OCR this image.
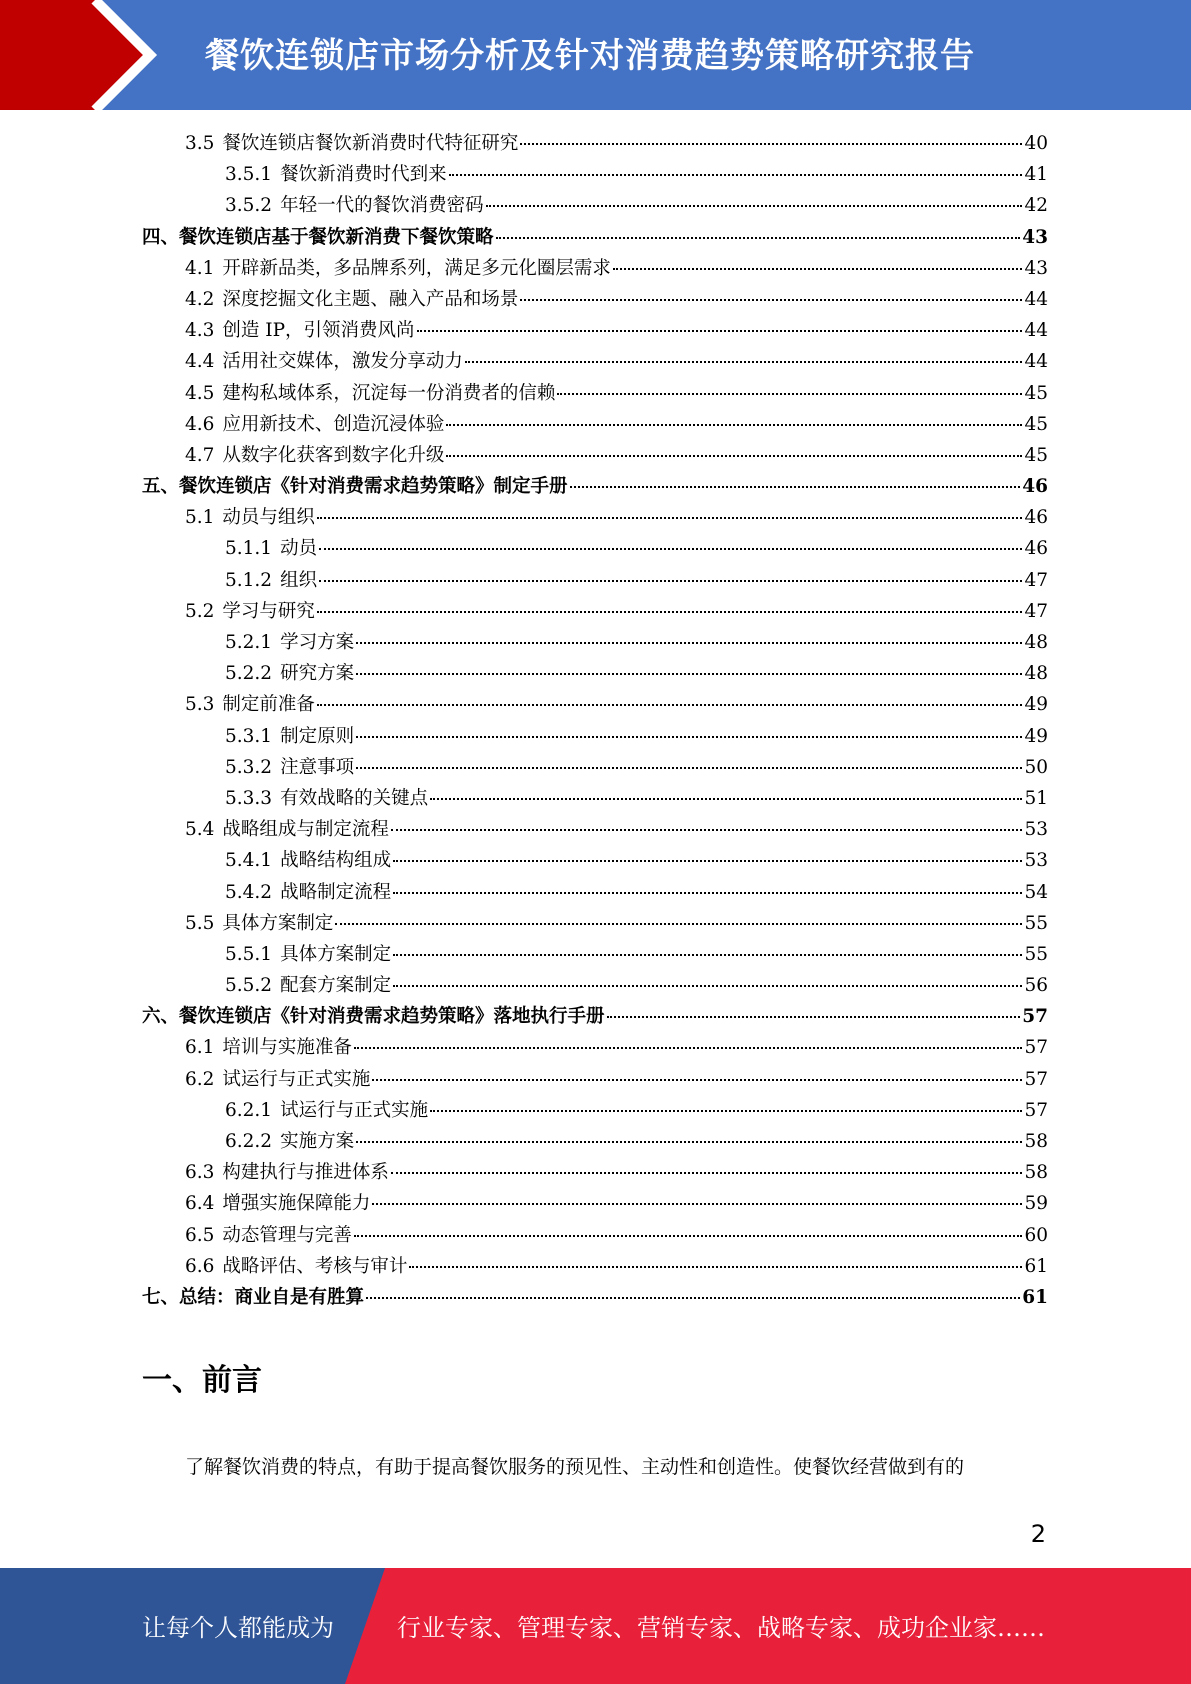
餐饮连锁店市场分析及针对消费趋势策略研究报告
3.5 餐饮连锁店餐饮新消费时代特征研究	40
3.5.1 餐饮新消费时代到来	41
3.5.2 年轻一代的餐饮消费密码	42
四、餐饮连锁店基于餐饮新消费下餐饮策略	43
4.1 开辟新品类，多品牌系列，满足多元化圈层需求	43
4.2 深度挖掘文化主题、融入产品和场景	44
4.3 创造 IP，引领消费风尚	44
4.4 活用社交媒体，激发分享动力	44
4.5 建构私域体系，沉淀每一份消费者的信赖	45
4.6 应用新技术、创造沉浸体验	45
4.7 从数字化获客到数字化升级	45
五、餐饮连锁店《针对消费需求趋势策略》制定手册	46
5.1 动员与组织	46
5.1.1 动员	46
5.1.2 组织	47
5.2 学习与研究	47
5.2.1 学习方案	48
5.2.2 研究方案	48
5.3 制定前准备	49
5.3.1 制定原则	49
5.3.2 注意事项	50
5.3.3 有效战略的关键点	51
5.4 战略组成与制定流程	53
5.4.1 战略结构组成	53
5.4.2 战略制定流程	54
5.5 具体方案制定	55
5.5.1 具体方案制定	55
5.5.2 配套方案制定	56
六、餐饮连锁店《针对消费需求趋势策略》落地执行手册	57
6.1 培训与实施准备	57
6.2 试运行与正式实施	57
6.2.1 试运行与正式实施	57
6.2.2 实施方案	58
6.3 构建执行与推进体系	58
6.4 增强实施保障能力	59
6.5 动态管理与完善	60
6.6 战略评估、考核与审计	61
七、总结：商业自是有胜算	61
一、前言
了解餐饮消费的特点，有助于提高餐饮服务的预见性、主动性和创造性。使餐饮经营做到有的
2
让每个人都能成为	行业专家、管理专家、营销专家、战略专家、成功企业家……
